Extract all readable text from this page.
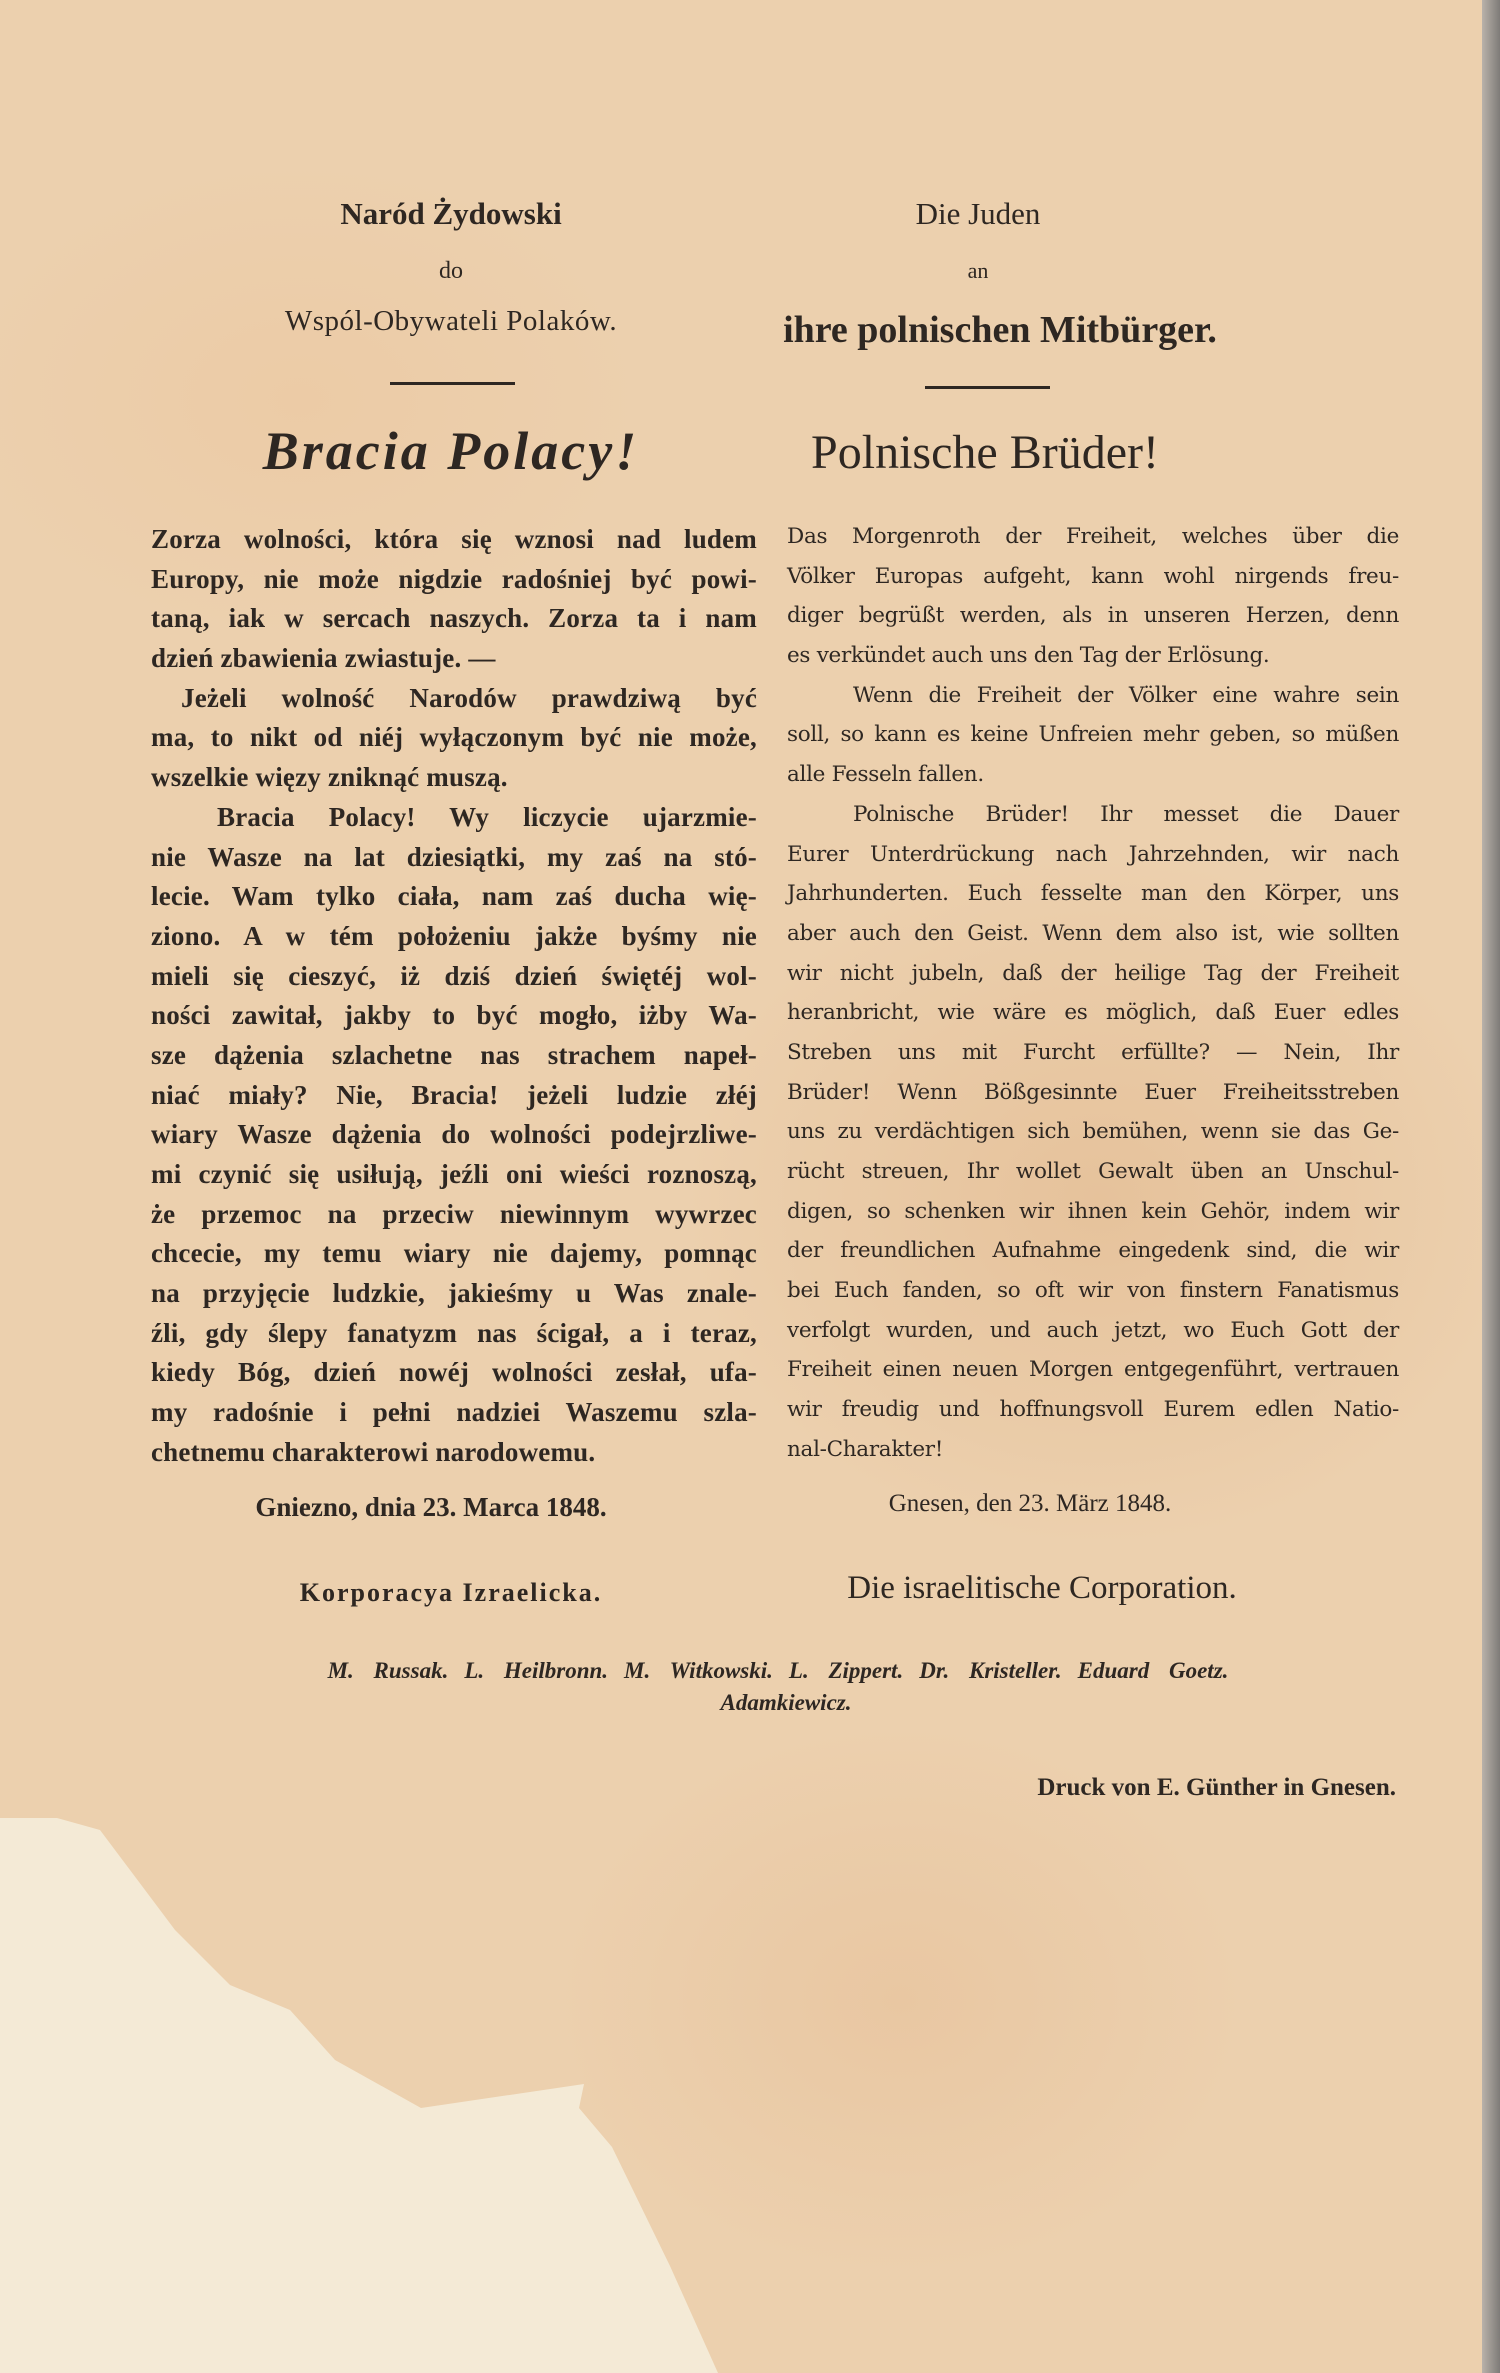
Naród Żydowski
do
Wspól-Obywateli Polaków.
Bracia Polacy!
Die Juden
an
ihre polnischen Mitbürger.
Polnische Brüder!
Zorza wolności, która się wznosi nad ludem
Europy, nie może nigdzie radośniej być powi-
taną, iak w sercach naszych. Zorza ta i nam
dzień zbawienia zwiastuje. —
Jeżeli wolność Narodów prawdziwą być
ma, to nikt od niéj wyłączonym być nie może,
wszelkie więzy zniknąć muszą.
Bracia Polacy! Wy liczycie ujarzmie-
nie Wasze na lat dziesiątki, my zaś na stó-
lecie. Wam tylko ciała, nam zaś ducha wię-
ziono. A w tém położeniu jakże byśmy nie
mieli się cieszyć, iż dziś dzień świętéj wol-
ności zawitał, jakby to być mogło, iżby Wa-
sze dążenia szlachetne nas strachem napeł-
niać miały? Nie, Bracia! jeżeli ludzie złéj
wiary Wasze dążenia do wolności podejrzliwe-
mi czynić się usiłują, jeźli oni wieści roznoszą,
że przemoc na przeciw niewinnym wywrzec
chcecie, my temu wiary nie dajemy, pomnąc
na przyjęcie ludzkie, jakieśmy u Was znale-
źli, gdy ślepy fanatyzm nas ścigał, a i teraz,
kiedy Bóg, dzień nowéj wolności zesłał, ufa-
my radośnie i pełni nadziei Waszemu szla-
chetnemu charakterowi narodowemu.
Das Morgenroth der Freiheit, welches über die
Völker Europas aufgeht, kann wohl nirgends freu-
diger begrüßt werden, als in unseren Herzen, denn
es verkündet auch uns den Tag der Erlösung.
Wenn die Freiheit der Völker eine wahre sein
soll, so kann es keine Unfreien mehr geben, so müßen
alle Fesseln fallen.
Polnische Brüder! Ihr messet die Dauer
Eurer Unterdrückung nach Jahrzehnden, wir nach
Jahrhunderten. Euch fesselte man den Körper, uns
aber auch den Geist. Wenn dem also ist, wie sollten
wir nicht jubeln, daß der heilige Tag der Freiheit
heranbricht, wie wäre es möglich, daß Euer edles
Streben uns mit Furcht erfüllte? — Nein, Ihr
Brüder! Wenn Bößgesinnte Euer Freiheitsstreben
uns zu verdächtigen sich bemühen, wenn sie das Ge-
rücht streuen, Ihr wollet Gewalt üben an Unschul-
digen, so schenken wir ihnen kein Gehör, indem wir
der freundlichen Aufnahme eingedenk sind, die wir
bei Euch fanden, so oft wir von finstern Fanatismus
verfolgt wurden, und auch jetzt, wo Euch Gott der
Freiheit einen neuen Morgen entgegenführt, vertrauen
wir freudig und hoffnungsvoll Eurem edlen Natio-
nal-Charakter!
Gniezno, dnia 23. Marca 1848.
Korporacya Izraelicka.
Gnesen, den 23. März 1848.
Die israelitische Corporation.
M. Russak. L. Heilbronn. M. Witkowski. L. Zippert. Dr. Kristeller. Eduard Goetz.
Adamkiewicz.
Druck von E. Günther in Gnesen.
